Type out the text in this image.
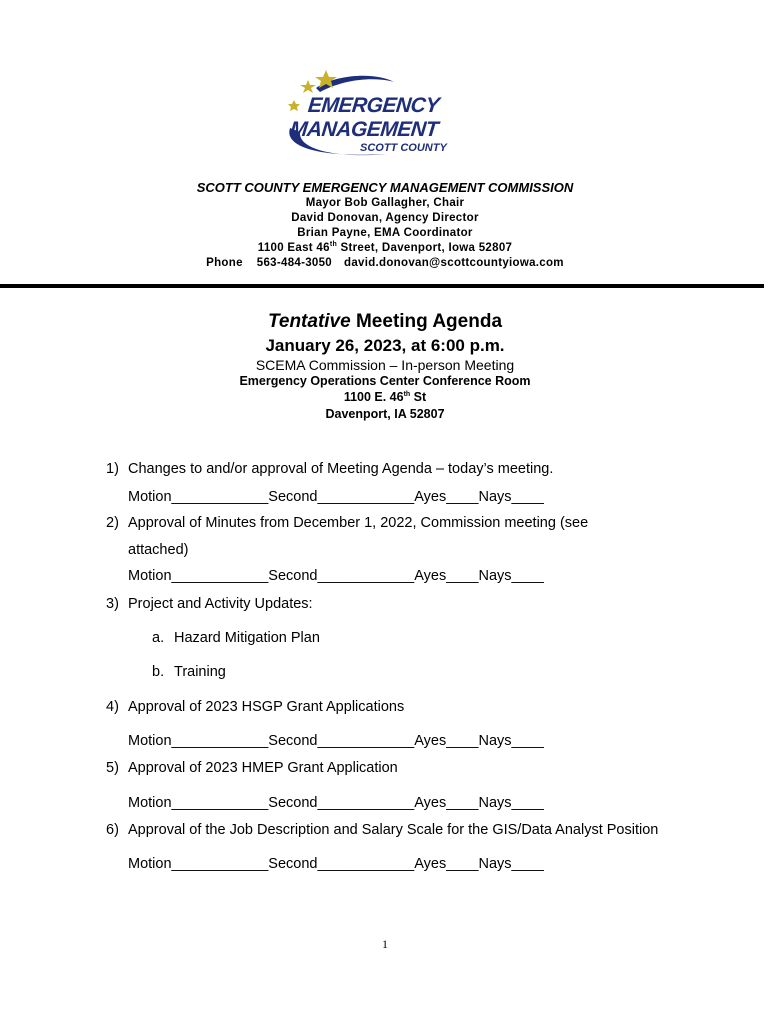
EMERGENCY
MANAGEMENT
SCOTT COUNTY
SCOTT COUNTY EMERGENCY MANAGEMENT COMMISSION
Mayor Bob Gallagher, Chair
David Donovan, Agency Director
Brian Payne, EMA Coordinator
1100 East 46th Street, Davenport, Iowa 52807
Phone 563-484-3050 david.donovan@scottcountyiowa.com
Tentative Meeting Agenda
January 26, 2023, at 6:00 p.m.
SCEMA Commission – In-person Meeting
Emergency Operations Center Conference Room
1100 E. 46th St
Davenport, IA 52807
1) Changes to and/or approval of Meeting Agenda – today’s meeting.
Motion____________Second____________Ayes____Nays____
2) Approval of Minutes from December 1, 2022, Commission meeting (see
attached)
Motion____________Second____________Ayes____Nays____
3) Project and Activity Updates:
a. Hazard Mitigation Plan
b. Training
4) Approval of 2023 HSGP Grant Applications
Motion____________Second____________Ayes____Nays____
5) Approval of 2023 HMEP Grant Application
Motion____________Second____________Ayes____Nays____
6) Approval of the Job Description and Salary Scale for the GIS/Data Analyst Position
Motion____________Second____________Ayes____Nays____
1
